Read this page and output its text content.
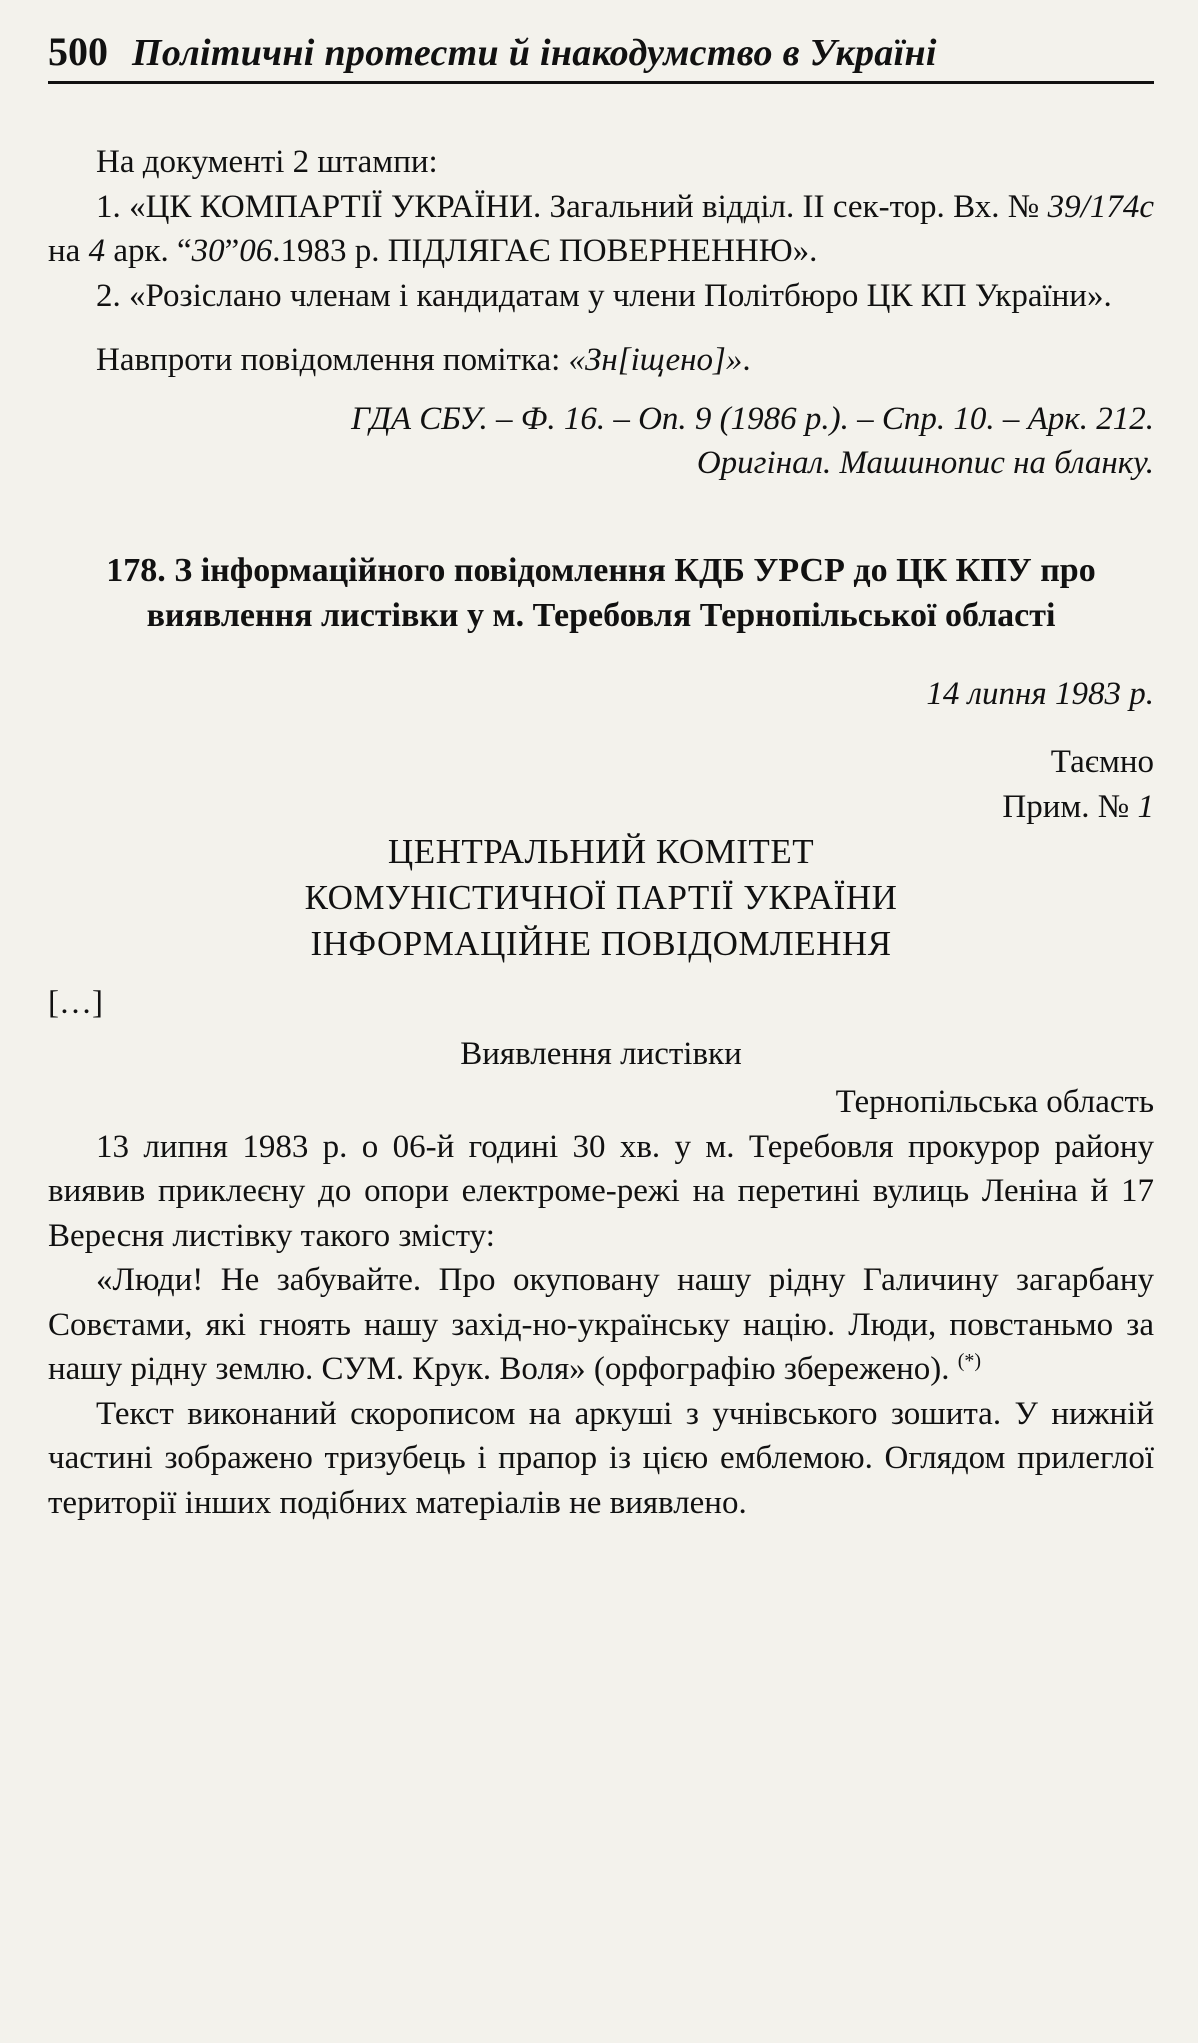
500 Політичні протести й інакодумство в Україні

На документі 2 штампи:

1. «ЦК КОМПАРТІЇ УКРАЇНИ. Загальний відділ. ІІ сек-тор. Вх. № 39/174с на 4 арк. “30”06.1983 р. ПІДЛЯГАЄ ПОВЕРНЕННЮ».

2. «Розіслано членам і кандидатам у члени Політбюро ЦК КП України».

Навпроти повідомлення помітка: «Зн[іщено]».

ГДА СБУ. – Ф. 16. – Оп. 9 (1986 р.). – Спр. 10. – Арк. 212.
Оригінал. Машинопис на бланку.

178. З інформаційного повідомлення КДБ УРСР до ЦК КПУ про виявлення листівки у м. Теребовля Тернопільської області

14 липня 1983 р.

Таємно

Прим. № 1

ЦЕНТРАЛЬНИЙ КОМІТЕТ
КОМУНІСТИЧНОЇ ПАРТІЇ УКРАЇНИ

ІНФОРМАЦІЙНЕ ПОВІДОМЛЕННЯ

[…]

Виявлення листівки

Тернопільська область

13 липня 1983 р. о 06-й годині 30 хв. у м. Теребовля прокурор району виявив приклеєну до опори електроме-режі на перетині вулиць Леніна й 17 Вересня листівку такого змісту:

«Люди! Не забувайте. Про окуповану нашу рідну Галичину загарбану Совєтами, які гноять нашу захід-но-українську націю. Люди, повстаньмо за нашу рідну землю. СУМ. Крук. Воля» (орфографію збережено). (*)

Текст виконаний скорописом на аркуші з учнівського зошита. У нижній частині зображено тризубець і прапор із цією емблемою. Оглядом прилеглої території інших подібних матеріалів не виявлено.
